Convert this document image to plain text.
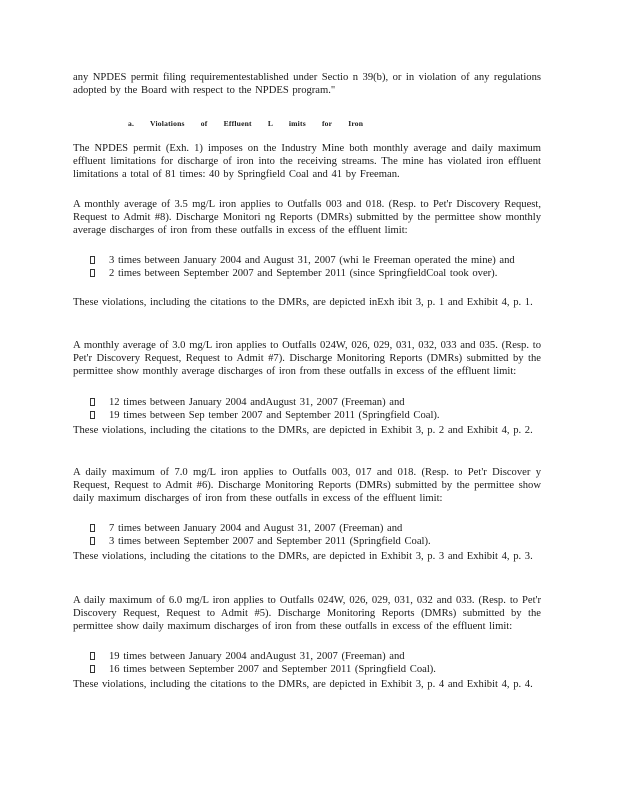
any NPDES permit filing requirementestablished under Sectio n 39(b), or in violation of any regulations adopted by the Board with respect to the NPDES program."
a. Violations of Effluent L imits for Iron
The NPDES permit (Exh. 1) imposes on the Industry Mine both monthly average and daily maximum effluent limitations for discharge of iron into the receiving streams. The mine has violated iron effluent limitations a total of 81 times: 40 by Springfield Coal and 41 by Freeman.
A monthly average of 3.5 mg/L iron applies to Outfalls 003 and 018. (Resp. to Pet'r Discovery Request, Request to Admit #8). Discharge Monitori ng Reports (DMRs) submitted by the permittee show monthly average discharges of iron from these outfalls in excess of the effluent limit:
3 times between January 2004 and August 31, 2007 (whi le Freeman operated the mine) and
2 times between September 2007 and September 2011 (since SpringfieldCoal took over).
These violations, including the citations to the DMRs, are depicted inExh ibit 3, p. 1 and Exhibit 4, p. 1.
A monthly average of 3.0 mg/L iron applies to Outfalls 024W, 026, 029, 031, 032, 033 and 035. (Resp. to Pet'r Discovery Request, Request to Admit #7). Discharge Monitoring Reports (DMRs) submitted by the permittee show monthly average discharges of iron from these outfalls in excess of the effluent limit:
12 times between January 2004 andAugust 31, 2007 (Freeman) and
19 times between Sep tember 2007 and September 2011 (Springfield Coal).
These violations, including the citations to the DMRs, are depicted in Exhibit 3, p. 2 and Exhibit 4, p. 2.
A daily maximum of 7.0 mg/L iron applies to Outfalls 003, 017 and 018. (Resp. to Pet'r Discover y Request, Request to Admit #6). Discharge Monitoring Reports (DMRs) submitted by the permittee show daily maximum discharges of iron from these outfalls in excess of the effluent limit:
7 times between January 2004 and August 31, 2007 (Freeman) and
3 times between September 2007 and September 2011 (Springfield Coal).
These violations, including the citations to the DMRs, are depicted in Exhibit 3, p. 3 and Exhibit 4, p. 3.
A daily maximum of 6.0 mg/L iron applies to Outfalls 024W, 026, 029, 031, 032 and 033. (Resp. to Pet'r Discovery Request, Request to Admit #5). Discharge Monitoring Reports (DMRs) submitted by the permittee show daily maximum discharges of iron from these outfalls in excess of the effluent limit:
19 times between January 2004 andAugust 31, 2007 (Freeman) and
16 times between September 2007 and September 2011 (Springfield Coal).
These violations, including the citations to the DMRs, are depicted in Exhibit 3, p. 4 and Exhibit 4, p. 4.
